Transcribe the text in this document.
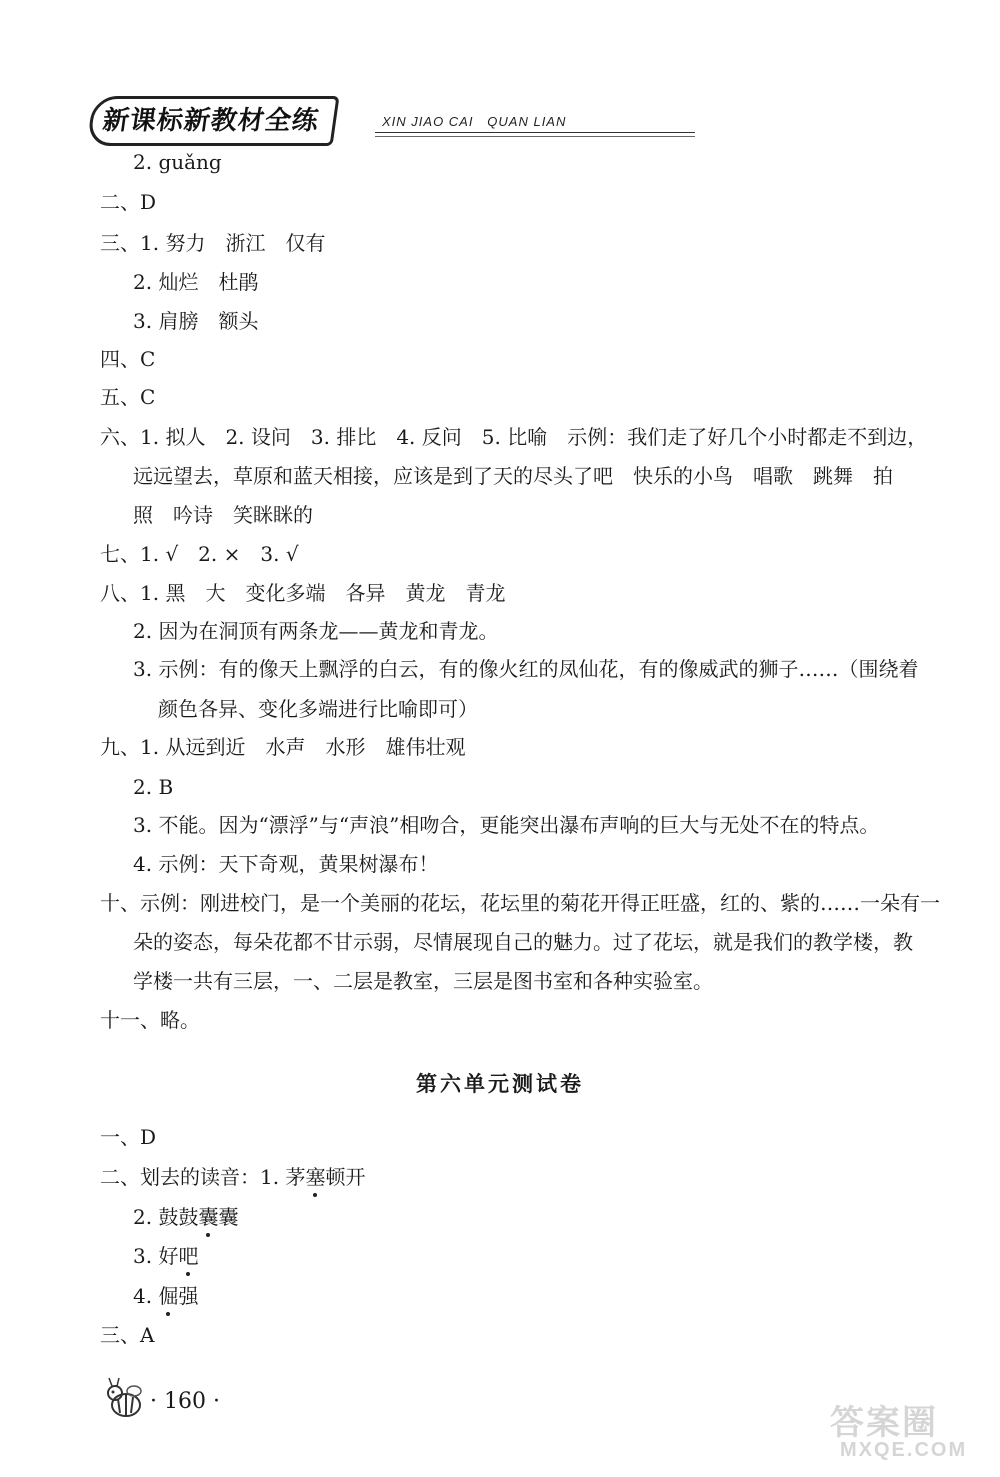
新课标新教材全练	XIN JIAO CAI   QUAN LIAN

2. guǎng

二、D

三、1. 努力　浙江　仅有

2. 灿烂　杜鹃

3. 肩膀　额头

四、C

五、C

六、1. 拟人　2. 设问　3. 排比　4. 反问　5. 比喻　示例：我们走了好几个小时都走不到边，

远远望去，草原和蓝天相接，应该是到了天的尽头了吧　快乐的小鸟　唱歌　跳舞　拍

照　吟诗　笑眯眯的

七、1. √　2. ×　3. √

八、1. 黑　大　变化多端　各异　黄龙　青龙

2. 因为在洞顶有两条龙——黄龙和青龙。

3. 示例：有的像天上飘浮的白云，有的像火红的凤仙花，有的像威武的狮子……（围绕着

颜色各异、变化多端进行比喻即可）

九、1. 从远到近　水声　水形　雄伟壮观

2. B

3. 不能。因为“漂浮”与“声浪”相吻合，更能突出瀑布声响的巨大与无处不在的特点。

4. 示例：天下奇观，黄果树瀑布！

十、示例：刚进校门，是一个美丽的花坛，花坛里的菊花开得正旺盛，红的、紫的……一朵有一

朵的姿态，每朵花都不甘示弱，尽情展现自己的魅力。过了花坛，就是我们的教学楼，教

学楼一共有三层，一、二层是教室，三层是图书室和各种实验室。

十一、略。

第六单元测试卷

一、D

二、划去的读音：1. 茅塞顿开

2. 鼓鼓囊囊

3. 好吧

4. 倔强

三、A

· 160 ·
答案圈
MXQE.COM
